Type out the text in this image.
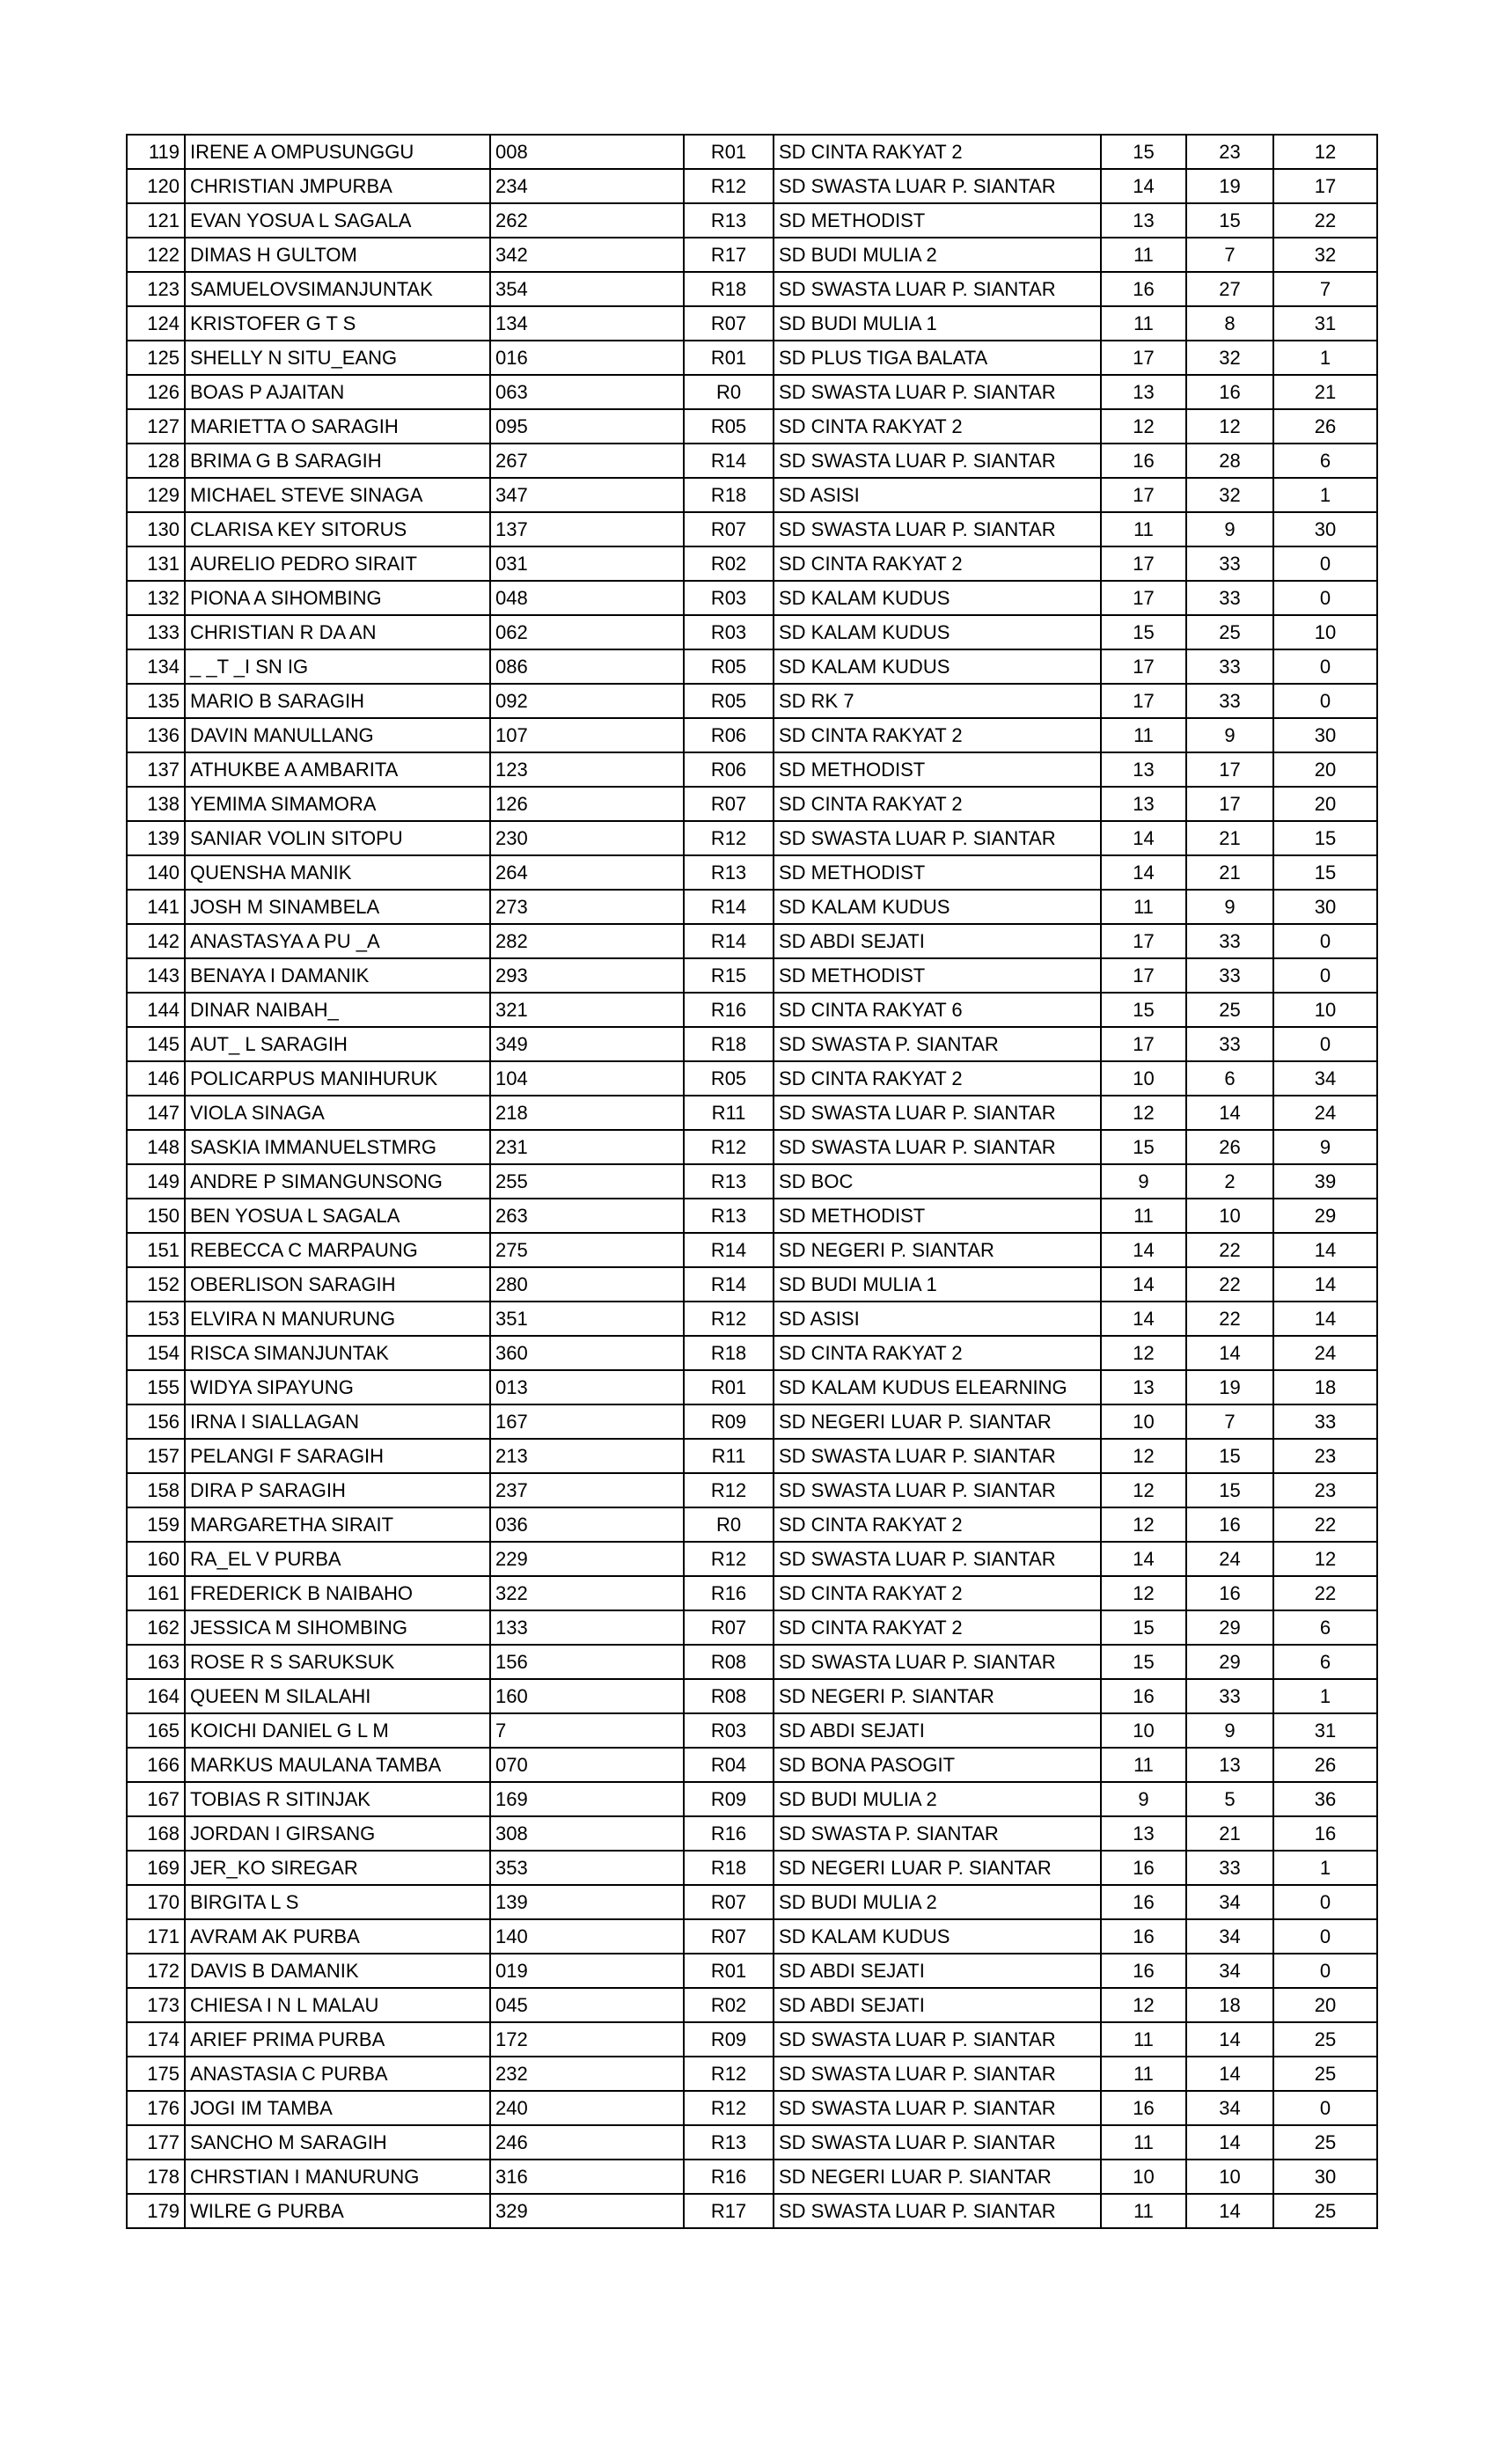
119	IRENE A OMPUSUNGGU	008	R01	SD CINTA RAKYAT 2	15	23	12
120	CHRISTIAN JMPURBA	234	R12	SD SWASTA LUAR P. SIANTAR	14	19	17
121	EVAN YOSUA L SAGALA	262	R13	SD METHODIST	13	15	22
122	DIMAS H GULTOM	342	R17	SD BUDI MULIA 2	11	7	32
123	SAMUELOVSIMANJUNTAK	354	R18	SD SWASTA LUAR P. SIANTAR	16	27	7
124	KRISTOFER G T S	134	R07	SD BUDI MULIA 1	11	8	31
125	SHELLY N SITU_EANG	016	R01	SD PLUS TIGA BALATA	17	32	1
126	BOAS P AJAITAN	063	R0	SD SWASTA LUAR P. SIANTAR	13	16	21
127	MARIETTA O SARAGIH	095	R05	SD CINTA RAKYAT 2	12	12	26
128	BRIMA G B SARAGIH	267	R14	SD SWASTA LUAR P. SIANTAR	16	28	6
129	MICHAEL STEVE SINAGA	347	R18	SD ASISI	17	32	1
130	CLARISA KEY SITORUS	137	R07	SD SWASTA LUAR P. SIANTAR	11	9	30
131	AURELIO PEDRO SIRAIT	031	R02	SD CINTA RAKYAT 2	17	33	0
132	PIONA A SIHOMBING	048	R03	SD KALAM KUDUS	17	33	0
133	CHRISTIAN R DA AN	062	R03	SD KALAM KUDUS	15	25	10
134	_ _T _I SN IG	086	R05	SD KALAM KUDUS	17	33	0
135	MARIO B SARAGIH	092	R05	SD RK 7	17	33	0
136	DAVIN MANULLANG	107	R06	SD CINTA RAKYAT 2	11	9	30
137	ATHUKBE A AMBARITA	123	R06	SD METHODIST	13	17	20
138	YEMIMA SIMAMORA	126	R07	SD CINTA RAKYAT 2	13	17	20
139	SANIAR VOLIN SITOPU	230	R12	SD SWASTA LUAR P. SIANTAR	14	21	15
140	QUENSHA MANIK	264	R13	SD METHODIST	14	21	15
141	JOSH M SINAMBELA	273	R14	SD KALAM KUDUS	11	9	30
142	ANASTASYA A PU _A	282	R14	SD ABDI SEJATI	17	33	0
143	BENAYA I DAMANIK	293	R15	SD METHODIST	17	33	0
144	DINAR NAIBAH_	321	R16	SD CINTA RAKYAT 6	15	25	10
145	AUT_ L SARAGIH	349	R18	SD SWASTA P. SIANTAR	17	33	0
146	POLICARPUS MANIHURUK	104	R05	SD CINTA RAKYAT 2	10	6	34
147	VIOLA SINAGA	218	R11	SD SWASTA LUAR P. SIANTAR	12	14	24
148	SASKIA IMMANUELSTMRG	231	R12	SD SWASTA LUAR P. SIANTAR	15	26	9
149	ANDRE P SIMANGUNSONG	255	R13	SD BOC	9	2	39
150	BEN YOSUA L SAGALA	263	R13	SD METHODIST	11	10	29
151	REBECCA C MARPAUNG	275	R14	SD NEGERI P. SIANTAR	14	22	14
152	OBERLISON SARAGIH	280	R14	SD BUDI MULIA 1	14	22	14
153	ELVIRA N MANURUNG	351	R12	SD ASISI	14	22	14
154	RISCA SIMANJUNTAK	360	R18	SD CINTA RAKYAT 2	12	14	24
155	WIDYA SIPAYUNG	013	R01	SD KALAM KUDUS ELEARNING	13	19	18
156	IRNA I SIALLAGAN	167	R09	SD NEGERI LUAR P. SIANTAR	10	7	33
157	PELANGI F SARAGIH	213	R11	SD SWASTA LUAR P. SIANTAR	12	15	23
158	DIRA P SARAGIH	237	R12	SD SWASTA LUAR P. SIANTAR	12	15	23
159	MARGARETHA SIRAIT	036	R0	SD CINTA RAKYAT 2	12	16	22
160	RA_EL V PURBA	229	R12	SD SWASTA LUAR P. SIANTAR	14	24	12
161	FREDERICK B NAIBAHO	322	R16	SD CINTA RAKYAT 2	12	16	22
162	JESSICA M SIHOMBING	133	R07	SD CINTA RAKYAT 2	15	29	6
163	ROSE R S SARUKSUK	156	R08	SD SWASTA LUAR P. SIANTAR	15	29	6
164	QUEEN M SILALAHI	160	R08	SD NEGERI P. SIANTAR	16	33	1
165	KOICHI DANIEL G L M	7	R03	SD ABDI SEJATI	10	9	31
166	MARKUS MAULANA TAMBA	070	R04	SD BONA PASOGIT	11	13	26
167	TOBIAS R SITINJAK	169	R09	SD BUDI MULIA 2	9	5	36
168	JORDAN I GIRSANG	308	R16	SD SWASTA P. SIANTAR	13	21	16
169	JER_KO SIREGAR	353	R18	SD NEGERI LUAR P. SIANTAR	16	33	1
170	BIRGITA L S	139	R07	SD BUDI MULIA 2	16	34	0
171	AVRAM AK PURBA	140	R07	SD KALAM KUDUS	16	34	0
172	DAVIS B DAMANIK	019	R01	SD ABDI SEJATI	16	34	0
173	CHIESA I N L MALAU	045	R02	SD ABDI SEJATI	12	18	20
174	ARIEF PRIMA PURBA	172	R09	SD SWASTA LUAR P. SIANTAR	11	14	25
175	ANASTASIA C PURBA	232	R12	SD SWASTA LUAR P. SIANTAR	11	14	25
176	JOGI IM TAMBA	240	R12	SD SWASTA LUAR P. SIANTAR	16	34	0
177	SANCHO M SARAGIH	246	R13	SD SWASTA LUAR P. SIANTAR	11	14	25
178	CHRSTIAN I MANURUNG	316	R16	SD NEGERI LUAR P. SIANTAR	10	10	30
179	WILRE G PURBA	329	R17	SD SWASTA LUAR P. SIANTAR	11	14	25
